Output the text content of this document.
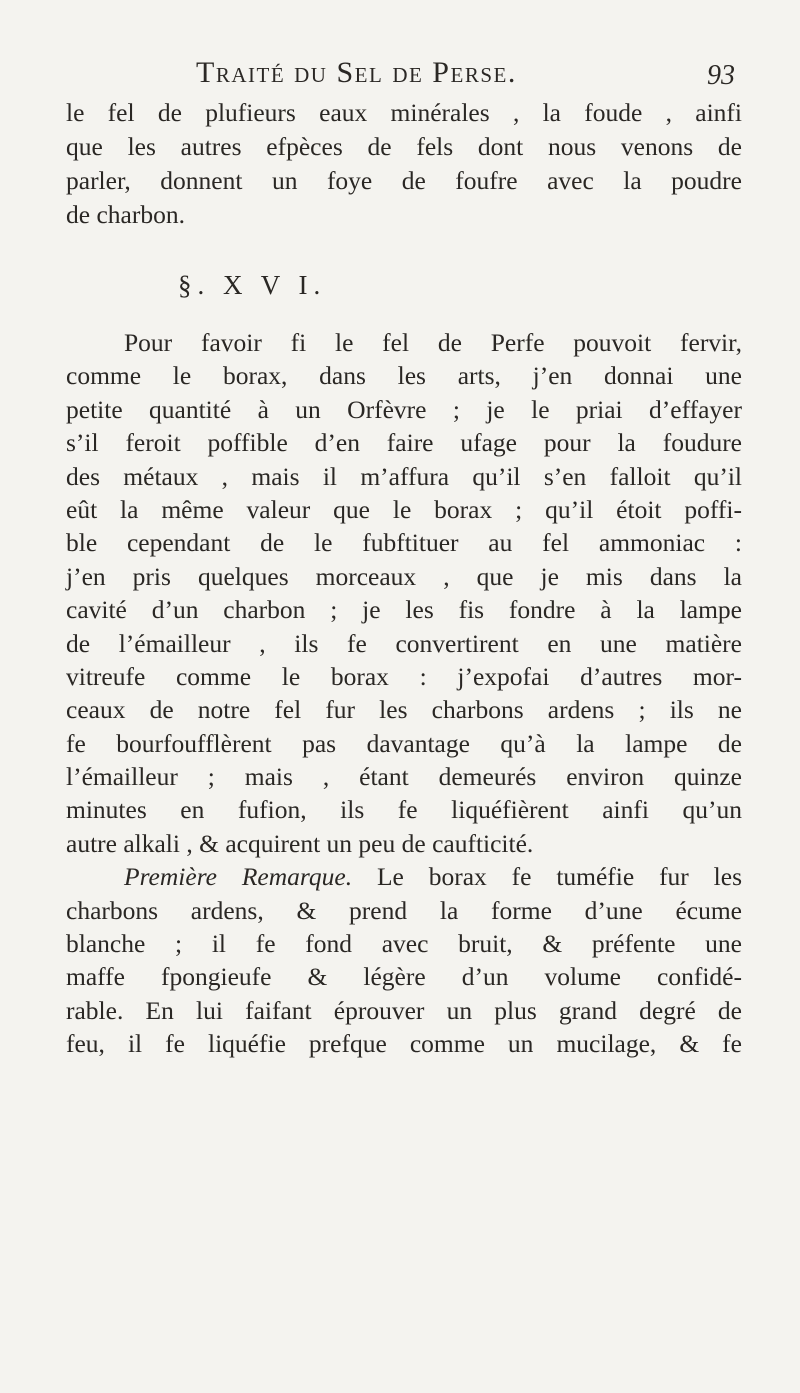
Traité du Sel de Perse.	93
le fel de plufieurs eaux minérales , la foude , ainfi
que les autres efpèces de fels dont nous venons de
parler, donnent un foye de foufre avec la poudre
de charbon.
§. X V I.
Pour favoir fi le fel de Perfe pouvoit fervir,
comme le borax, dans les arts, j’en donnai une
petite quantité à un Orfèvre ; je le priai d’effayer
s’il feroit poffible d’en faire ufage pour la foudure
des métaux , mais il m’affura qu’il s’en falloit qu’il
eût la même valeur que le borax ; qu’il étoit poffi-
ble cependant de le fubftituer au fel ammoniac :
j’en pris quelques morceaux , que je mis dans la
cavité d’un charbon ; je les fis fondre à la lampe
de l’émailleur , ils fe convertirent en une matière
vitreufe comme le borax : j’expofai d’autres mor-
ceaux de notre fel fur les charbons ardens ; ils ne
fe bourfoufflèrent pas davantage qu’à la lampe de
l’émailleur ; mais , étant demeurés environ quinze
minutes en fufion, ils fe liquéfièrent ainfi qu’un
autre alkali , & acquirent un peu de caufticité.
Première Remarque. Le borax fe tuméfie fur les
charbons ardens, & prend la forme d’une écume
blanche ; il fe fond avec bruit, & préfente une
maffe fpongieufe & légère d’un volume confidé-
rable. En lui faifant éprouver un plus grand degré de
feu, il fe liquéfie prefque comme un mucilage, & fe
